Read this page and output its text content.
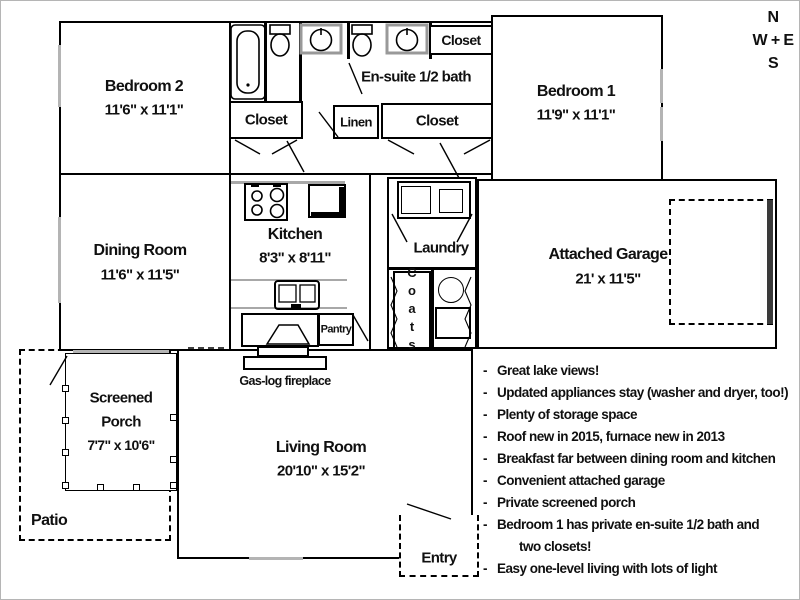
Bedroom 2
11'6" x 11'1"
En-suite 1/2 bath
Closet
Closet	Linen	Closet
Bedroom 1
11'9" x 11'1"
Dining Room
11'6" x 11'5"
Kitchen
8'3" x 8'11"
Laundry
Coats
Pantry
Attached Garage
21' x 11'5"
Gas-log fireplace
Screened
Porch
7'7" x 10'6"	Living Room
20'10" x 15'2"
Patio
Entry
N
W + E
S
- Great lake views!
- Updated appliances stay (washer and dryer, too!)
- Plenty of storage space
- Roof new in 2015, furnace new in 2013
- Breakfast far between dining room and kitchen
- Convenient attached garage
- Private screened porch
- Bedroom 1 has private en-suite 1/2 bath and
two closets!
- Easy one-level living with lots of light
